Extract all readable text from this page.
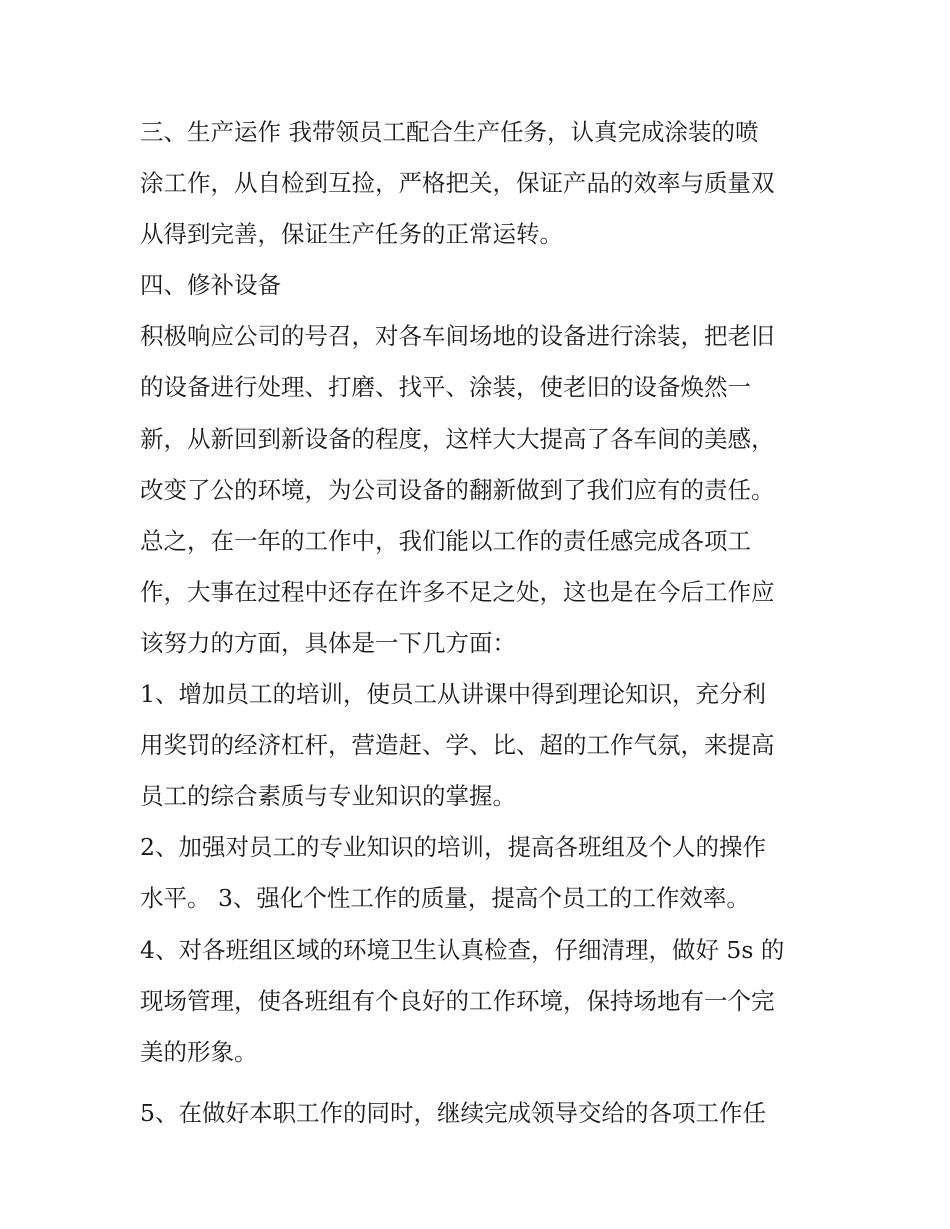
三、生产运作 我带领员工配合生产任务，认真完成涂装的喷
涂工作，从自检到互捡，严格把关，保证产品的效率与质量双
从得到完善，保证生产任务的正常运转。
四、修补设备
积极响应公司的号召，对各车间场地的设备进行涂装，把老旧
的设备进行处理、打磨、找平、涂装，使老旧的设备焕然一
新，从新回到新设备的程度，这样大大提高了各车间的美感，
改变了公的环境，为公司设备的翻新做到了我们应有的责任。
总之，在一年的工作中，我们能以工作的责任感完成各项工
作，大事在过程中还存在许多不足之处，这也是在今后工作应
该努力的方面，具体是一下几方面：
1、增加员工的培训，使员工从讲课中得到理论知识，充分利
用奖罚的经济杠杆，营造赶、学、比、超的工作气氛，来提高
员工的综合素质与专业知识的掌握。
2、加强对员工的专业知识的培训，提高各班组及个人的操作
水平。 3、强化个性工作的质量，提高个员工的工作效率。
4、对各班组区域的环境卫生认真检查，仔细清理，做好 5s 的
现场管理，使各班组有个良好的工作环境，保持场地有一个完
美的形象。
5、在做好本职工作的同时，继续完成领导交给的各项工作任
